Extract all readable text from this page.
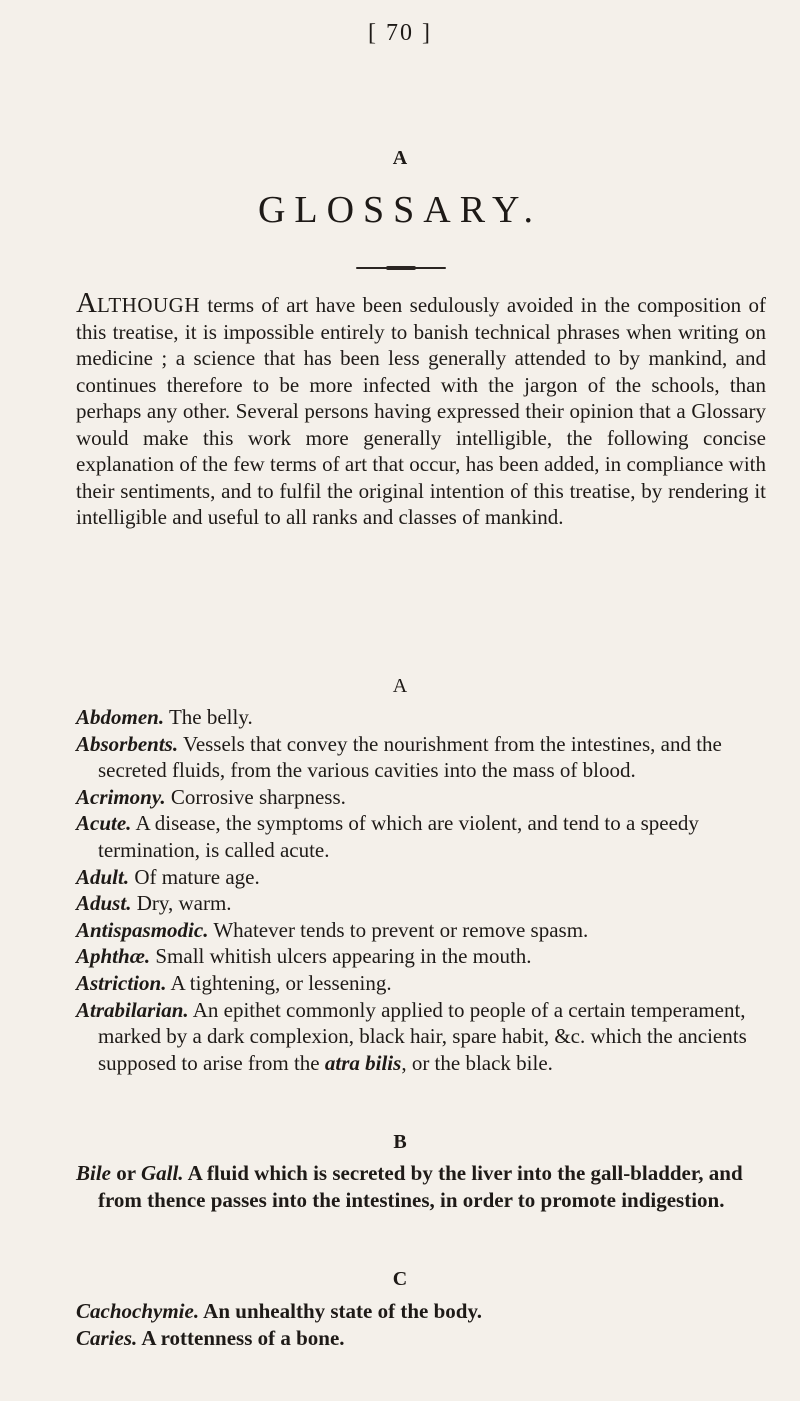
[ 70 ]
A
GLOSSARY.

ALTHOUGH terms of art have been sedulously avoided in the composition of this treatise, it is impossible entirely to banish technical phrases when writing on medicine ; a science that has been less generally attended to by mankind, and continues therefore to be more infected with the jargon of the schools, than perhaps any other. Several persons having expressed their opinion that a Glossary would make this work more generally intelligible, the following concise explanation of the few terms of art that occur, has been added, in compliance with their sentiments, and to fulfil the original intention of this treatise, by rendering it intelligible and useful to all ranks and classes of mankind.

A

Abdomen. The belly.

Absorbents. Vessels that convey the nourishment from the intestines, and the secreted fluids, from the various cavities into the mass of blood.

Acrimony. Corrosive sharpness.

Acute. A disease, the symptoms of which are violent, and tend to a speedy termination, is called acute.

Adult. Of mature age.

Adust. Dry, warm.

Antispasmodic. Whatever tends to prevent or remove spasm.

Aphthæ. Small whitish ulcers appearing in the mouth.

Astriction. A tightening, or lessening.

Atrabilarian. An epithet commonly applied to people of a certain temperament, marked by a dark complexion, black hair, spare habit, &c. which the ancients supposed to arise from the atra bilis, or the black bile.

B

Bile or Gall. A fluid which is secreted by the liver into the gall-bladder, and from thence passes into the intestines, in order to promote indigestion.

C

Cachochymie. An unhealthy state of the body.

Caries. A rottenness of a bone.
